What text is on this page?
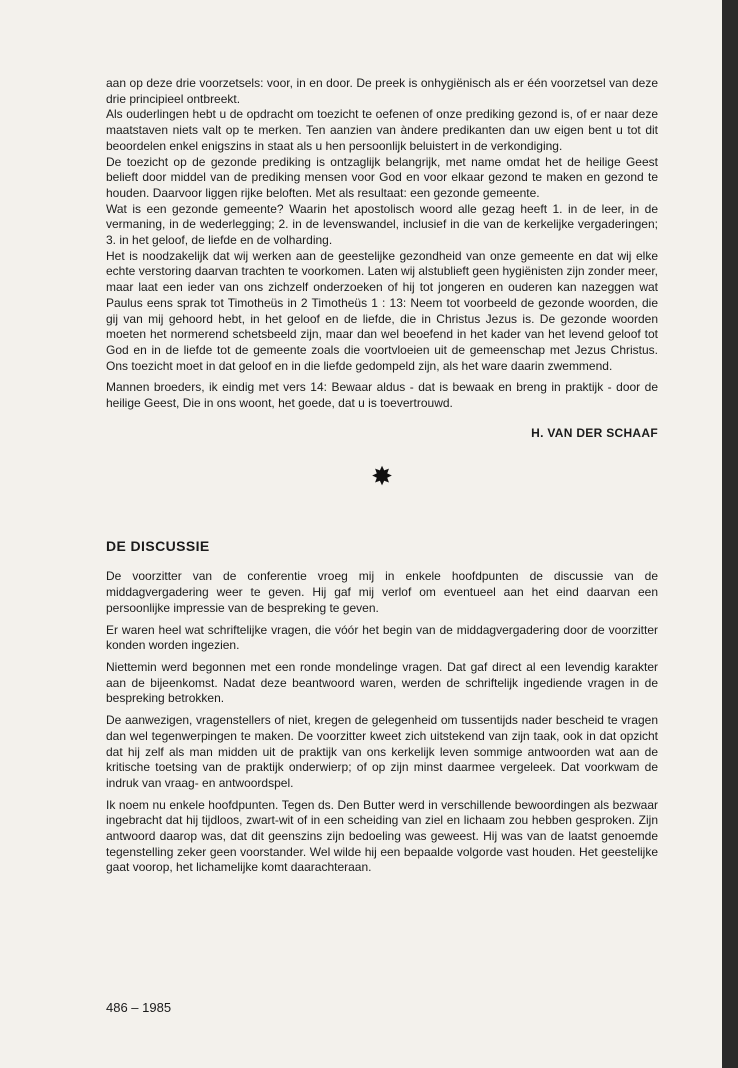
aan op deze drie voorzetsels: voor, in en door. De preek is onhygiënisch als er één voorzetsel van deze drie principieel ontbreekt.

Als ouderlingen hebt u de opdracht om toezicht te oefenen of onze prediking gezond is, of er naar deze maatstaven niets valt op te merken. Ten aanzien van àndere predikanten dan uw eigen bent u tot dit beoordelen enkel enigszins in staat als u hen persoonlijk beluistert in de verkondiging.

De toezicht op de gezonde prediking is ontzaglijk belangrijk, met name omdat het de heilige Geest belieft door middel van de prediking mensen voor God en voor elkaar gezond te maken en gezond te houden. Daarvoor liggen rijke beloften. Met als resultaat: een gezonde gemeente.

Wat is een gezonde gemeente? Waarin het apostolisch woord alle gezag heeft 1. in de leer, in de vermaning, in de wederlegging; 2. in de levenswandel, inclusief in die van de kerkelijke vergaderingen; 3. in het geloof, de liefde en de volharding.

Het is noodzakelijk dat wij werken aan de geestelijke gezondheid van onze gemeente en dat wij elke echte verstoring daarvan trachten te voorkomen. Laten wij alstublieft geen hygiënisten zijn zonder meer, maar laat een ieder van ons zichzelf onderzoeken of hij tot jongeren en ouderen kan nazeggen wat Paulus eens sprak tot Timotheüs in 2 Timotheüs 1 : 13: Neem tot voorbeeld de gezonde woorden, die gij van mij gehoord hebt, in het geloof en de liefde, die in Christus Jezus is. De gezonde woorden moeten het normerend schetsbeeld zijn, maar dan wel beoefend in het kader van het levend geloof tot God en in de liefde tot de gemeente zoals die voortvloeien uit de gemeenschap met Jezus Christus. Ons toezicht moet in dat geloof en in die liefde gedompeld zijn, als het ware daarin zwemmend.

Mannen broeders, ik eindig met vers 14: Bewaar aldus - dat is bewaak en breng in praktijk - door de heilige Geest, Die in ons woont, het goede, dat u is toevertrouwd.

H. VAN DER SCHAAF

✸

DE DISCUSSIE

De voorzitter van de conferentie vroeg mij in enkele hoofdpunten de discussie van de middagvergadering weer te geven. Hij gaf mij verlof om eventueel aan het eind daarvan een persoonlijke impressie van de bespreking te geven.

Er waren heel wat schriftelijke vragen, die vóór het begin van de middagvergadering door de voorzitter konden worden ingezien.

Niettemin werd begonnen met een ronde mondelinge vragen. Dat gaf direct al een levendig karakter aan de bijeenkomst. Nadat deze beantwoord waren, werden de schriftelijk ingediende vragen in de bespreking betrokken.

De aanwezigen, vragenstellers of niet, kregen de gelegenheid om tussentijds nader bescheid te vragen dan wel tegenwerpingen te maken. De voorzitter kweet zich uitstekend van zijn taak, ook in dat opzicht dat hij zelf als man midden uit de praktijk van ons kerkelijk leven sommige antwoorden wat aan de kritische toetsing van de praktijk onderwierp; of op zijn minst daarmee vergeleek. Dat voorkwam de indruk van vraag- en antwoordspel.

Ik noem nu enkele hoofdpunten. Tegen ds. Den Butter werd in verschillende bewoordingen als bezwaar ingebracht dat hij tijdloos, zwart-wit of in een scheiding van ziel en lichaam zou hebben gesproken. Zijn antwoord daarop was, dat dit geenszins zijn bedoeling was geweest. Hij was van de laatst genoemde tegenstelling zeker geen voorstander. Wel wilde hij een bepaalde volgorde vast houden. Het geestelijke gaat voorop, het lichamelijke komt daarachteraan.

486 – 1985
